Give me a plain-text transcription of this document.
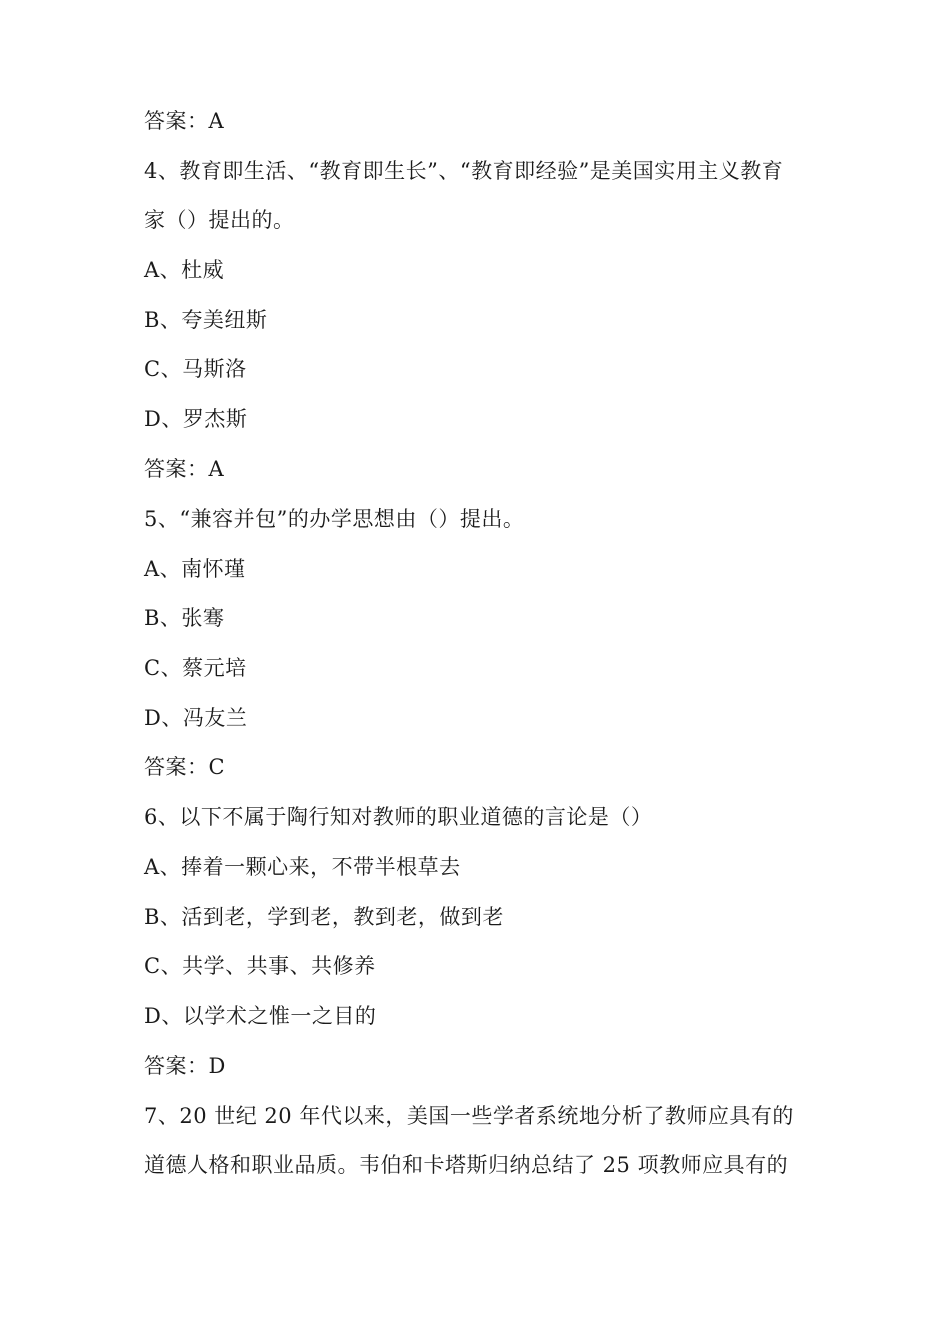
答案：A
4、教育即生活、“教育即生长”、“教育即经验”是美国实用主义教育
家（）提出的。
A、杜威
B、夸美纽斯
C、马斯洛
D、罗杰斯
答案：A
5、“兼容并包”的办学思想由（）提出。
A、南怀瑾
B、张骞
C、蔡元培
D、冯友兰
答案：C
6、以下不属于陶行知对教师的职业道德的言论是（）
A、捧着一颗心来，不带半根草去
B、活到老，学到老，教到老，做到老
C、共学、共事、共修养
D、以学术之惟一之目的
答案：D
7、20 世纪 20 年代以来，美国一些学者系统地分析了教师应具有的
道德人格和职业品质。韦伯和卡塔斯归纳总结了 25 项教师应具有的
